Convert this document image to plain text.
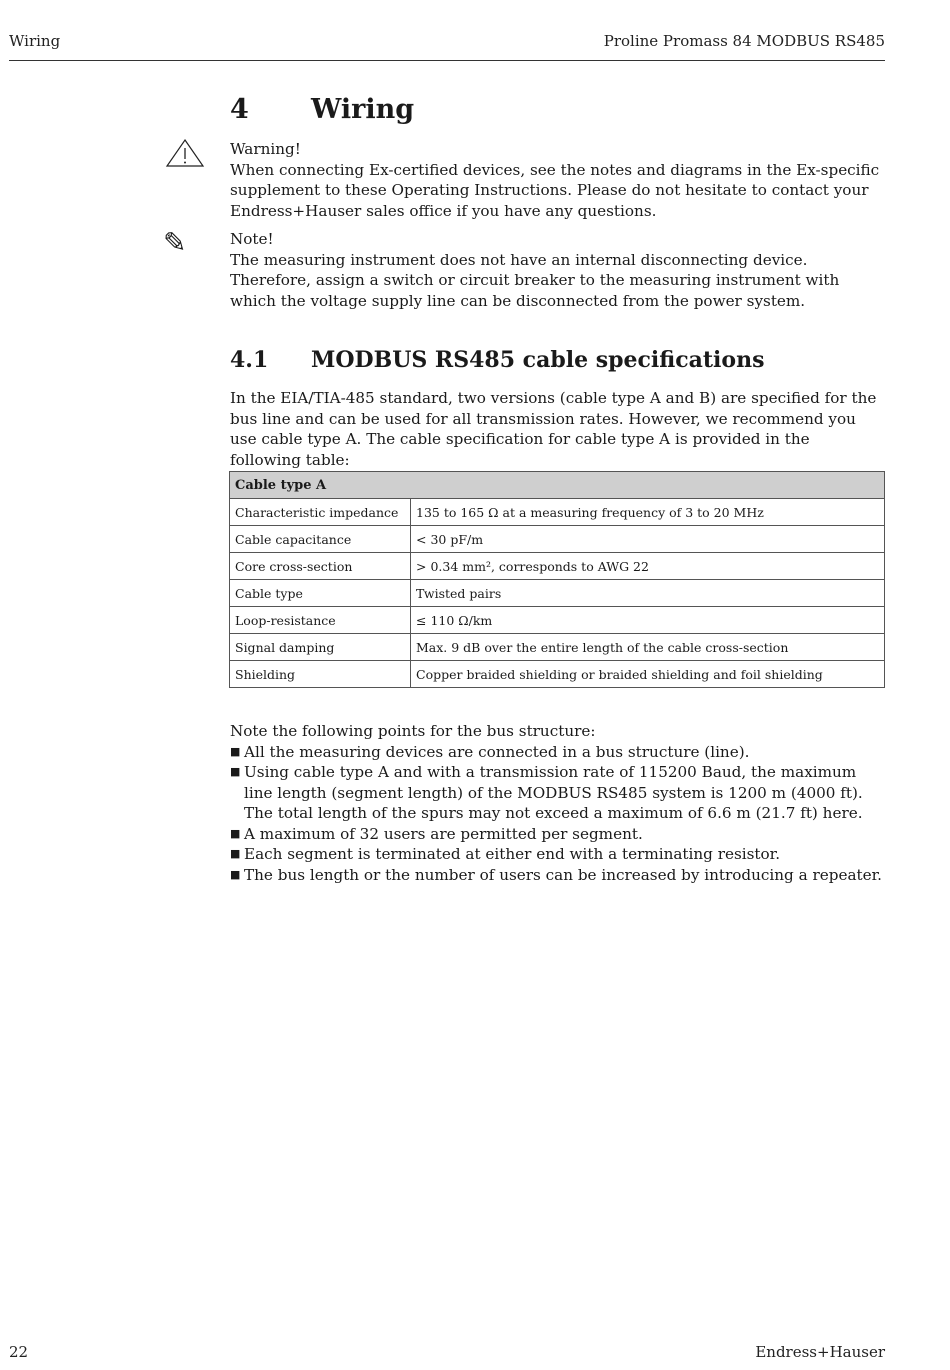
Wiring	Proline Promass 84 MODBUS RS485
4 Wiring

Warning!

When connecting Ex-certified devices, see the notes and diagrams in the Ex-specific supplement to these Operating Instructions. Please do not hesitate to contact your Endress+Hauser sales office if you have any questions.

✎	Note!

The measuring instrument does not have an internal disconnecting device. Therefore, assign a switch or circuit breaker to the measuring instrument with which the voltage supply line can be disconnected from the power system.

4.1 MODBUS RS485 cable specifications

In the EIA/TIA-485 standard, two versions (cable type A and B) are specified for the bus line and can be used for all transmission rates. However, we recommend you use cable type A. The cable specification for cable type A is provided in the following table:

Cable type A	
Characteristic impedance	135 to 165 Ω at a measuring frequency of 3 to 20 MHz
Cable capacitance	< 30 pF/m
Core cross-section	> 0.34 mm², corresponds to AWG 22
Cable type	Twisted pairs
Loop-resistance	≤ 110 Ω/km
Signal damping	Max. 9 dB over the entire length of the cable cross-section
Shielding	Copper braided shielding or braided shielding and foil shielding

Note the following points for the bus structure:

■ All the measuring devices are connected in a bus structure (line).
■ Using cable type A and with a transmission rate of 115200 Baud, the maximum line length (segment length) of the MODBUS RS485 system is 1200 m (4000 ft). The total length of the spurs may not exceed a maximum of 6.6 m (21.7 ft) here.
■ A maximum of 32 users are permitted per segment.
■ Each segment is terminated at either end with a terminating resistor.
■ The bus length or the number of users can be increased by introducing a repeater.
22	Endress+Hauser
